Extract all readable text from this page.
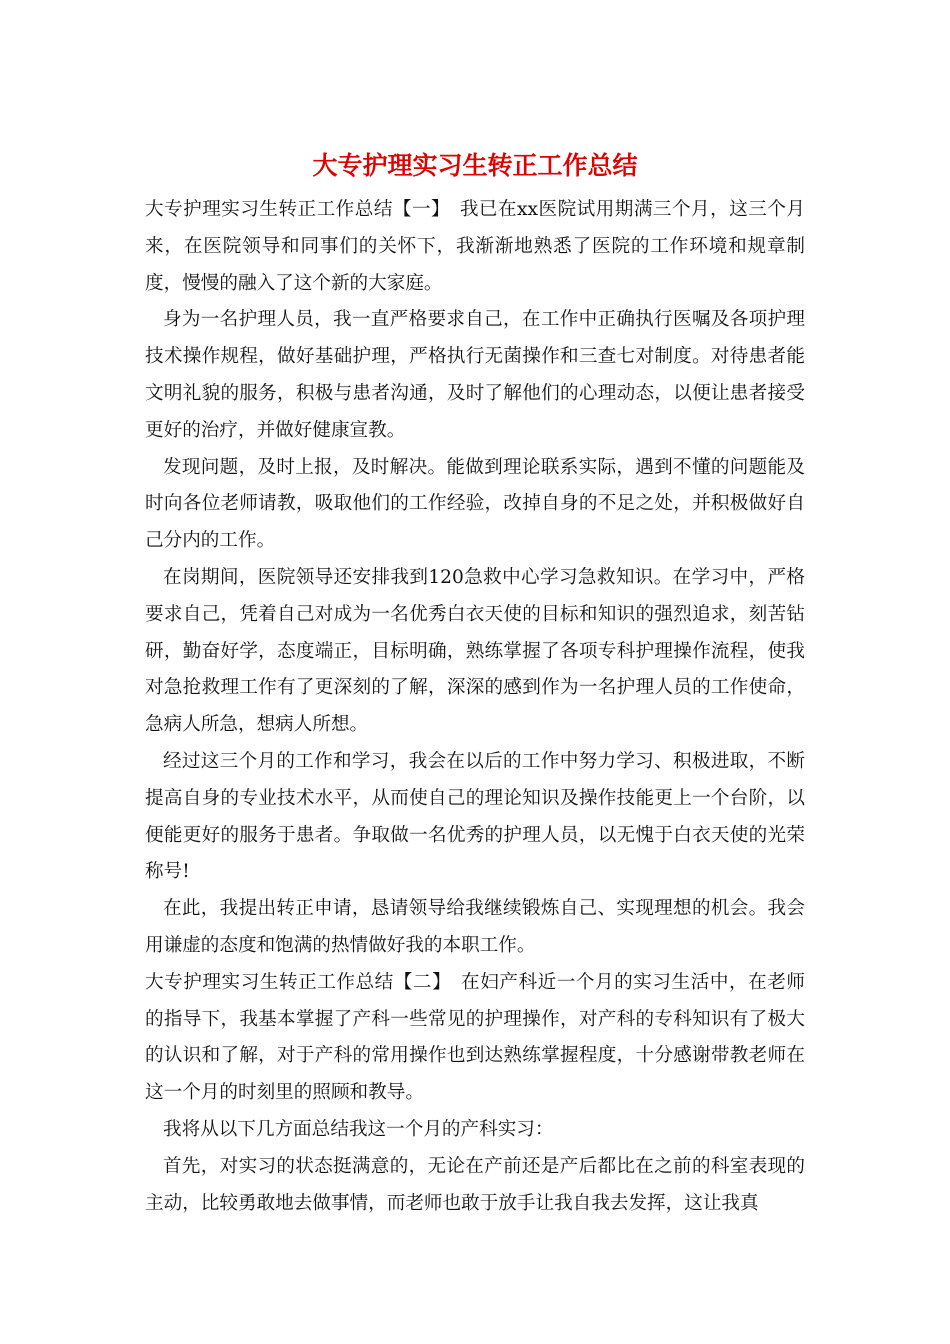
大专护理实习生转正工作总结

大专护理实习生转正工作总结【一】　我已在xx医院试用期满三个月，这三个月来，在医院领导和同事们的关怀下，我渐渐地熟悉了医院的工作环境和规章制度，慢慢的融入了这个新的大家庭。

身为一名护理人员，我一直严格要求自己，在工作中正确执行医嘱及各项护理技术操作规程，做好基础护理，严格执行无菌操作和三查七对制度。对待患者能文明礼貌的服务，积极与患者沟通，及时了解他们的心理动态，以便让患者接受更好的治疗，并做好健康宣教。

发现问题，及时上报，及时解决。能做到理论联系实际，遇到不懂的问题能及时向各位老师请教，吸取他们的工作经验，改掉自身的不足之处，并积极做好自己分内的工作。

在岗期间，医院领导还安排我到120急救中心学习急救知识。在学习中，严格要求自己，凭着自己对成为一名优秀白衣天使的目标和知识的强烈追求，刻苦钻研，勤奋好学，态度端正，目标明确，熟练掌握了各项专科护理操作流程，使我对急抢救理工作有了更深刻的了解，深深的感到作为一名护理人员的工作使命，急病人所急，想病人所想。

经过这三个月的工作和学习，我会在以后的工作中努力学习、积极进取，不断提高自身的专业技术水平，从而使自己的理论知识及操作技能更上一个台阶，以便能更好的服务于患者。争取做一名优秀的护理人员，以无愧于白衣天使的光荣称号!

在此，我提出转正申请，恳请领导给我继续锻炼自己、实现理想的机会。我会用谦虚的态度和饱满的热情做好我的本职工作。

大专护理实习生转正工作总结【二】　在妇产科近一个月的实习生活中，在老师的指导下，我基本掌握了产科一些常见的护理操作，对产科的专科知识有了极大的认识和了解，对于产科的常用操作也到达熟练掌握程度，十分感谢带教老师在这一个月的时刻里的照顾和教导。

我将从以下几方面总结我这一个月的产科实习：

首先，对实习的状态挺满意的，无论在产前还是产后都比在之前的科室表现的主动，比较勇敢地去做事情，而老师也敢于放手让我自我去发挥，这让我真
